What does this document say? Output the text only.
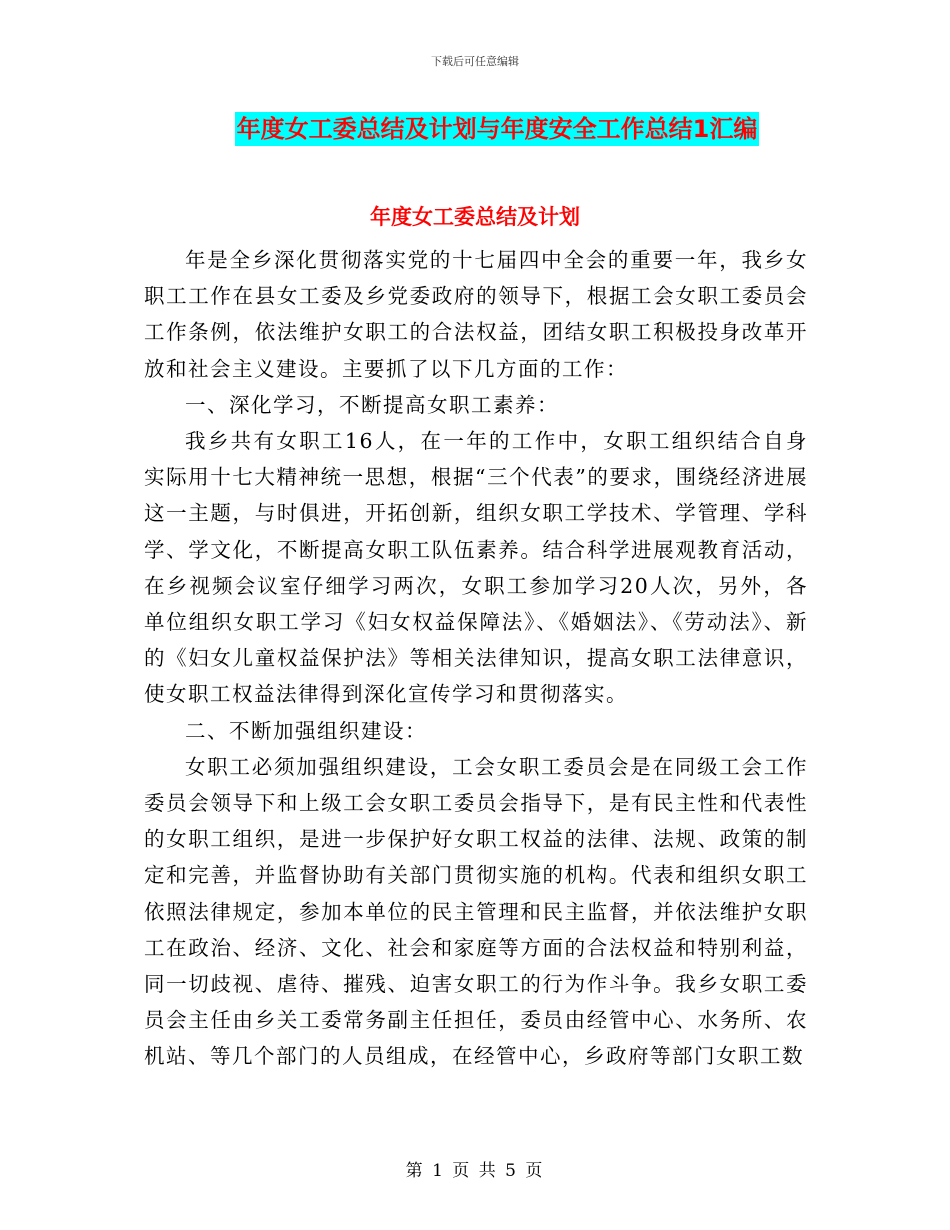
下载后可任意编辑
年度女工委总结及计划与年度安全工作总结1汇编
年度女工委总结及计划

年是全乡深化贯彻落实党的十七届四中全会的重要一年，我乡女职工工作在县女工委及乡党委政府的领导下，根据工会女职工委员会工作条例，依法维护女职工的合法权益，团结女职工积极投身改革开放和社会主义建设。主要抓了以下几方面的工作：

一、深化学习，不断提高女职工素养：

我乡共有女职工16人，在一年的工作中，女职工组织结合自身实际用十七大精神统一思想，根据“三个代表”的要求，围绕经济进展这一主题，与时俱进，开拓创新，组织女职工学技术、学管理、学科学、学文化，不断提高女职工队伍素养。结合科学进展观教育活动，在乡视频会议室仔细学习两次，女职工参加学习20人次，另外，各单位组织女职工学习《妇女权益保障法》、《婚姻法》、《劳动法》、新的《妇女儿童权益保护法》等相关法律知识，提高女职工法律意识，使女职工权益法律得到深化宣传学习和贯彻落实。

二、不断加强组织建设：

女职工必须加强组织建设，工会女职工委员会是在同级工会工作委员会领导下和上级工会女职工委员会指导下，是有民主性和代表性的女职工组织，是进一步保护好女职工权益的法律、法规、政策的制定和完善，并监督协助有关部门贯彻实施的机构。代表和组织女职工依照法律规定，参加本单位的民主管理和民主监督，并依法维护女职工在政治、经济、文化、社会和家庭等方面的合法权益和特别利益，同一切歧视、虐待、摧残、迫害女职工的行为作斗争。我乡女职工委员会主任由乡关工委常务副主任担任，委员由经管中心、水务所、农机站、等几个部门的人员组成，在经管中心，乡政府等部门女职工数

第 1 页 共 5 页
